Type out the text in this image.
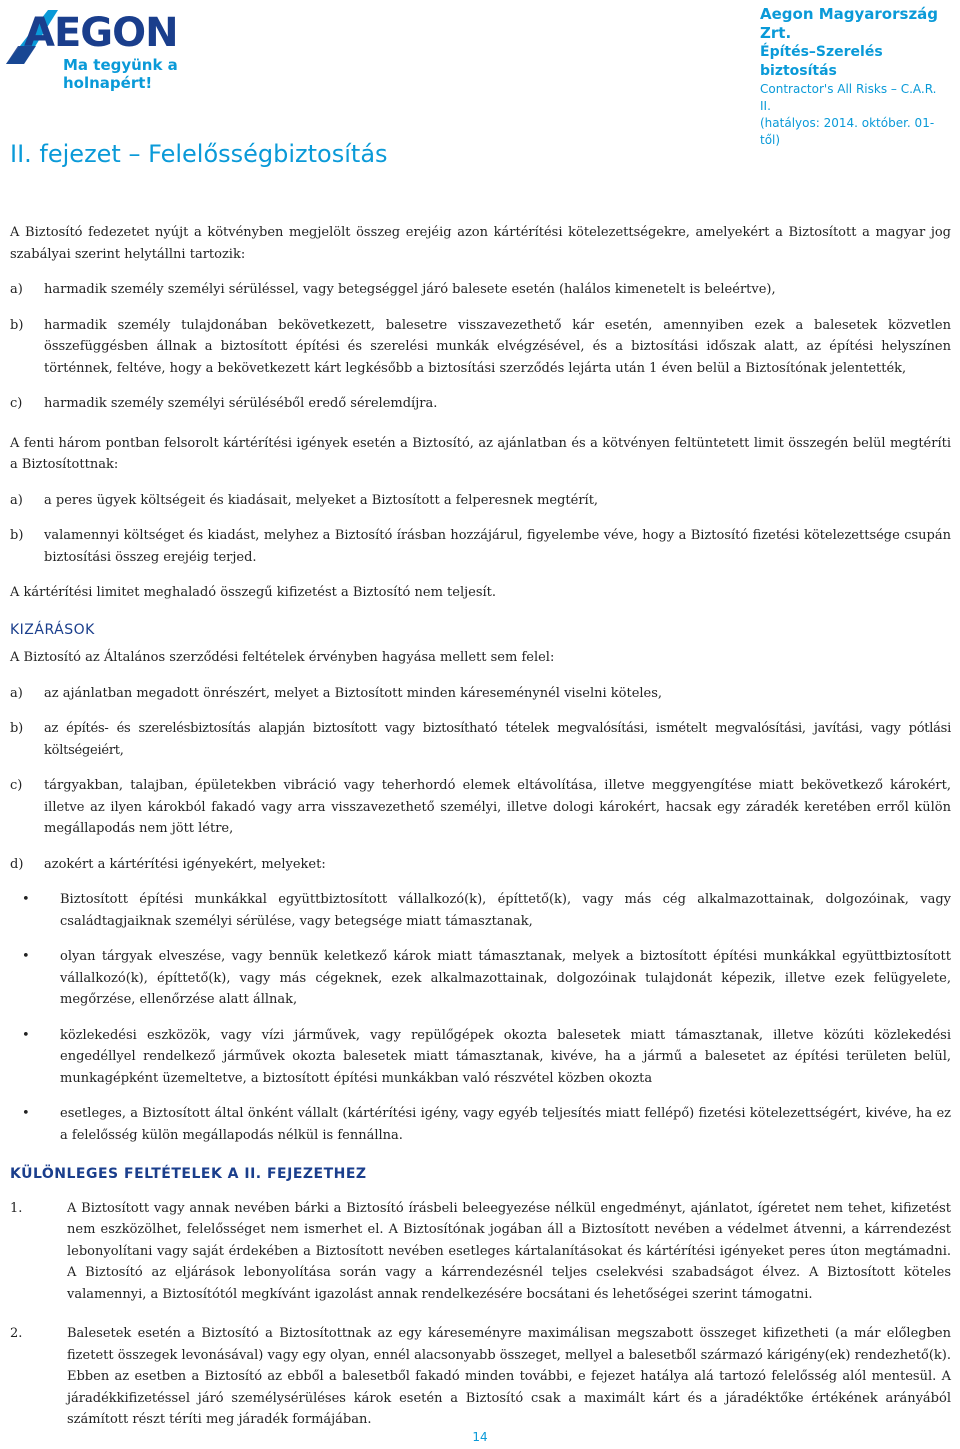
AEGON
Ma tegyünk a holnapért!
Aegon Magyarország Zrt.
Építés–Szerelés biztosítás
Contractor's All Risks – C.A.R. II.
(hatályos: 2014. október. 01-től)
II. fejezet – Felelősségbiztosítás

A Biztosító fedezetet nyújt a kötvényben megjelölt összeg erejéig azon kártérítési kötelezettségekre, amelyekért a Biztosított a magyar jog szabályai szerint helytállni tartozik:

a)	harmadik személy személyi sérüléssel, vagy betegséggel járó balesete esetén (halálos kimenetelt is beleértve),
b)	harmadik személy tulajdonában bekövetkezett, balesetre visszavezethető kár esetén, amennyiben ezek a balesetek közvetlen összefüggésben állnak a biztosított építési és szerelési munkák elvégzésével, és a biztosítási időszak alatt, az építési helyszínen történnek, feltéve, hogy a bekövetkezett kárt legkésőbb a biztosítási szerződés lejárta után 1 éven belül a Biztosítónak jelentették,
c)	harmadik személy személyi sérüléséből eredő sérelemdíjra.

A fenti három pontban felsorolt kártérítési igények esetén a Biztosító, az ajánlatban és a kötvényen feltüntetett limit összegén belül megtéríti a Biztosítottnak:

a)	a peres ügyek költségeit és kiadásait, melyeket a Biztosított a felperesnek megtérít,
b)	valamennyi költséget és kiadást, melyhez a Biztosító írásban hozzájárul, figyelembe véve, hogy a Biztosító fizetési kötelezettsége csupán biztosítási összeg erejéig terjed.

A kártérítési limitet meghaladó összegű kifizetést a Biztosító nem teljesít.

KIZÁRÁSOK

A Biztosító az Általános szerződési feltételek érvényben hagyása mellett sem felel:

a)	az ajánlatban megadott önrészért, melyet a Biztosított minden káreseménynél viselni köteles,
b)	az építés- és szerelésbiztosítás alapján biztosított vagy biztosítható tételek megvalósítási, ismételt megvalósítási, javítási, vagy pótlási költségeiért,
c)	tárgyakban, talajban, épületekben vibráció vagy teherhordó elemek eltávolítása, illetve meggyengítése miatt bekövetkező károkért, illetve az ilyen károkból fakadó vagy arra visszavezethető személyi, illetve dologi károkért, hacsak egy záradék keretében erről külön megállapodás nem jött létre,
d)	azokért a kártérítési igényekért, melyeket:
•	Biztosított építési munkákkal együttbiztosított vállalkozó(k), építtető(k), vagy más cég alkalmazottainak, dolgozóinak, vagy családtagjaiknak személyi sérülése, vagy betegsége miatt támasztanak,
•	olyan tárgyak elveszése, vagy bennük keletkező károk miatt támasztanak, melyek a biztosított építési munkákkal együttbiztosított vállalkozó(k), építtető(k), vagy más cégeknek, ezek alkalmazottainak, dolgozóinak tulajdonát képezik, illetve ezek felügyelete, megőrzése, ellenőrzése alatt állnak,
•	közlekedési eszközök, vagy vízi járművek, vagy repülőgépek okozta balesetek miatt támasztanak, illetve közúti közlekedési engedéllyel rendelkező járművek okozta balesetek miatt támasztanak, kivéve, ha a jármű a balesetet az építési területen belül, munkagépként üzemeltetve, a biztosított építési munkákban való részvétel közben okozta
•	esetleges, a Biztosított által önként vállalt (kártérítési igény, vagy egyéb teljesítés miatt fellépő) fizetési kötelezettségért, kivéve, ha ez a felelősség külön megállapodás nélkül is fennállna.
KÜLÖNLEGES FELTÉTELEK A II. FEJEZETHEZ
1.	A Biztosított vagy annak nevében bárki a Biztosító írásbeli beleegyezése nélkül engedményt, ajánlatot, ígéretet nem tehet, kifizetést nem eszközölhet, felelősséget nem ismerhet el. A Biztosítónak jogában áll a Biztosított nevében a védelmet átvenni, a kárrendezést lebonyolítani vagy saját érdekében a Biztosított nevében esetleges kártalanításokat és kártérítési igényeket peres úton megtámadni. A Biztosító az eljárások lebonyolítása során vagy a kárrendezésnél teljes cselekvési szabadságot élvez. A Biztosított köteles valamennyi, a Biztosítótól megkívánt igazolást annak rendelkezésére bocsátani és lehetőségei szerint támogatni.
2.	Balesetek esetén a Biztosító a Biztosítottnak az egy káreseményre maximálisan megszabott összeget kifizetheti (a már előlegben fizetett összegek levonásával) vagy egy olyan, ennél alacsonyabb összeget, mellyel a balesetből származó kárigény(ek) rendezhető(k). Ebben az esetben a Biztosító az ebből a balesetből fakadó minden további, e fejezet hatálya alá tartozó felelősség alól mentesül. A járadékkifizetéssel járó személysérüléses károk esetén a Biztosító csak a maximált kárt és a járadéktőke értékének arányából számított részt téríti meg járadék formájában.
14
